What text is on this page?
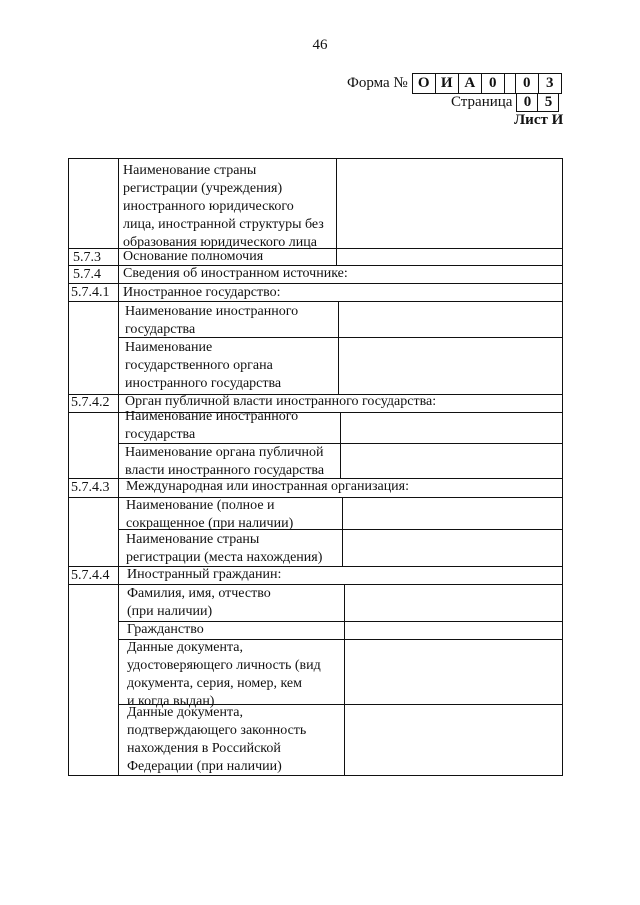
46
Форма № О И А 0	0	3
Страница 0 5
Лист И
Наименование страны
регистрации (учреждения)
иностранного юридического
лица, иностранной структуры без
образования юридического лица
5.7.3 Основание полномочия
5.7.4 Сведения об иностранном источнике:
5.7.4.1 Иностранное государство:
Наименование иностранного
государства
Наименование
государственного органа
иностранного государства
5.7.4.2 Орган публичной власти иностранного государства:
Наименование иностранного
государства
Наименование органа публичной
власти иностранного государства
5.7.4.3 Международная или иностранная организация:
Наименование (полное и
сокращенное (при наличии)
Наименование страны
регистрации (места нахождения)
5.7.4.4 Иностранный гражданин:
Фамилия, имя, отчество
(при наличии)
Гражданство
Данные документа,
удостоверяющего личность (вид
документа, серия, номер, кем
и когда выдан)
Данные документа,
подтверждающего законность
нахождения в Российской
Федерации (при наличии)
